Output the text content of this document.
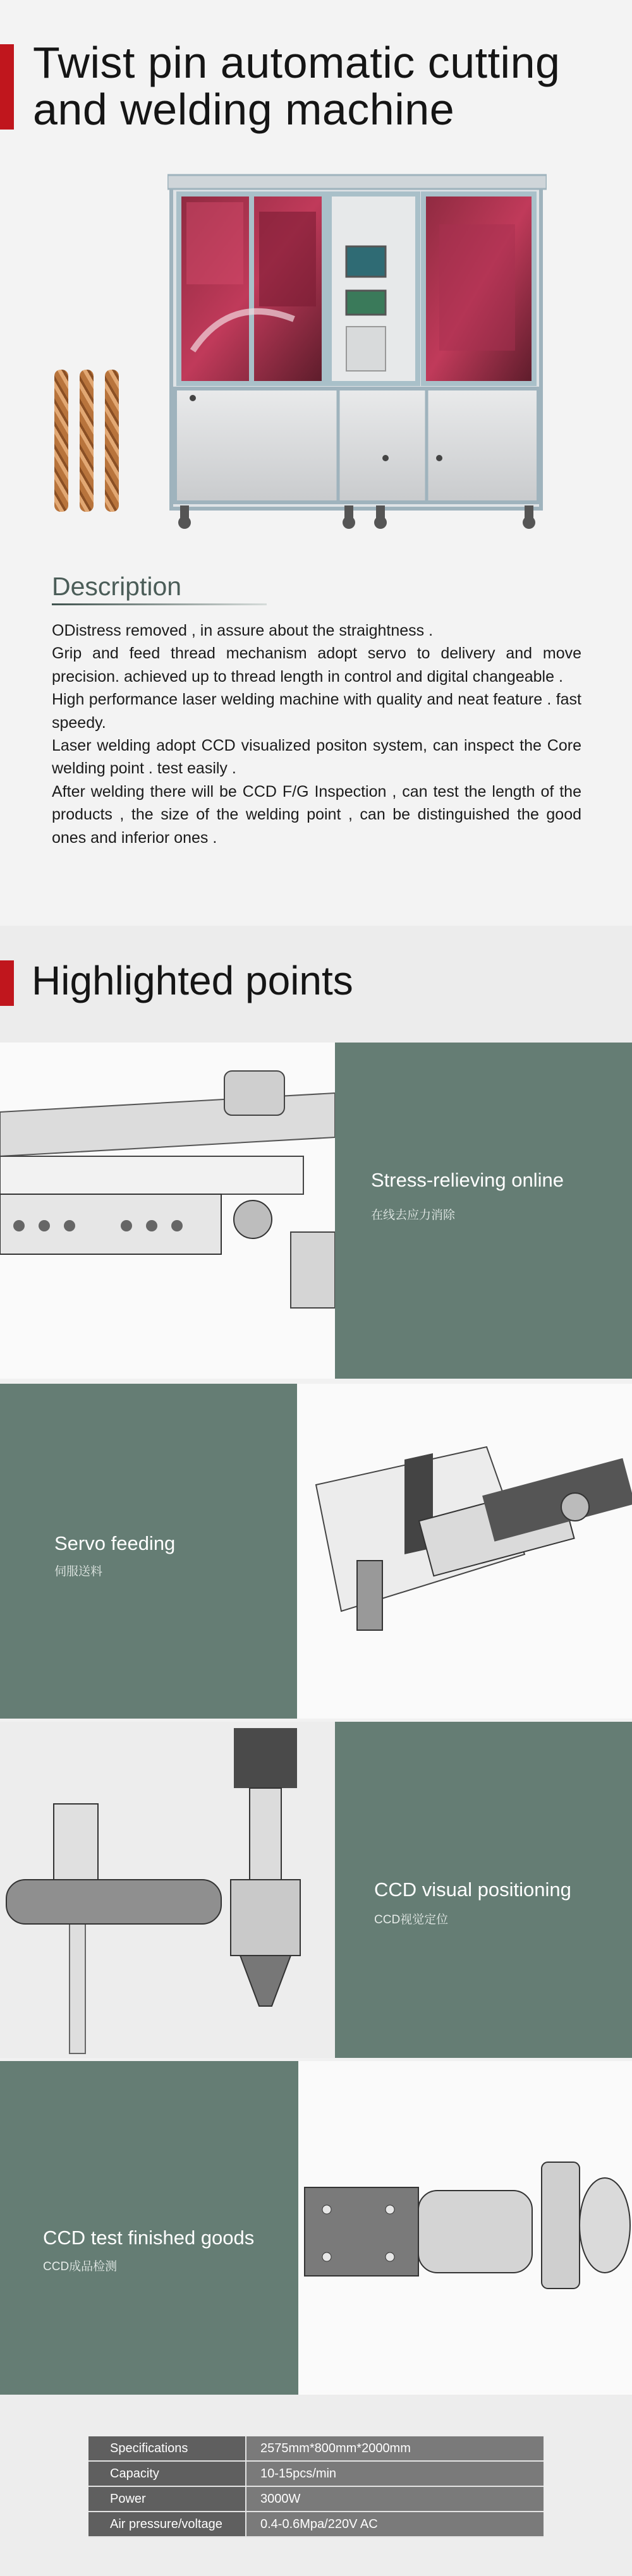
Twist pin automatic cutting
and welding machine
Description

ODistress removed , in assure about the straightness .

Grip and feed thread mechanism adopt servo to delivery and move precision. achieved up to thread length in control and digital changeable .

High performance laser welding machine with quality and neat feature . fast speedy.

Laser welding adopt CCD visualized positon system, can inspect the Core welding point . test easily .

After welding there will be CCD F/G Inspection , can test the length of the products , the size of the welding point , can be distinguished the good ones and inferior ones .

Highlighted points
Stress-relieving online
在线去应力消除
Servo feeding
伺服送料
CCD visual positioning
CCD视觉定位
CCD test finished goods
CCD成品检测
Specifications	2575mm*800mm*2000mm
Capacity	10-15pcs/min
Power	3000W
Air pressure/voltage	0.4-0.6Mpa/220V AC
